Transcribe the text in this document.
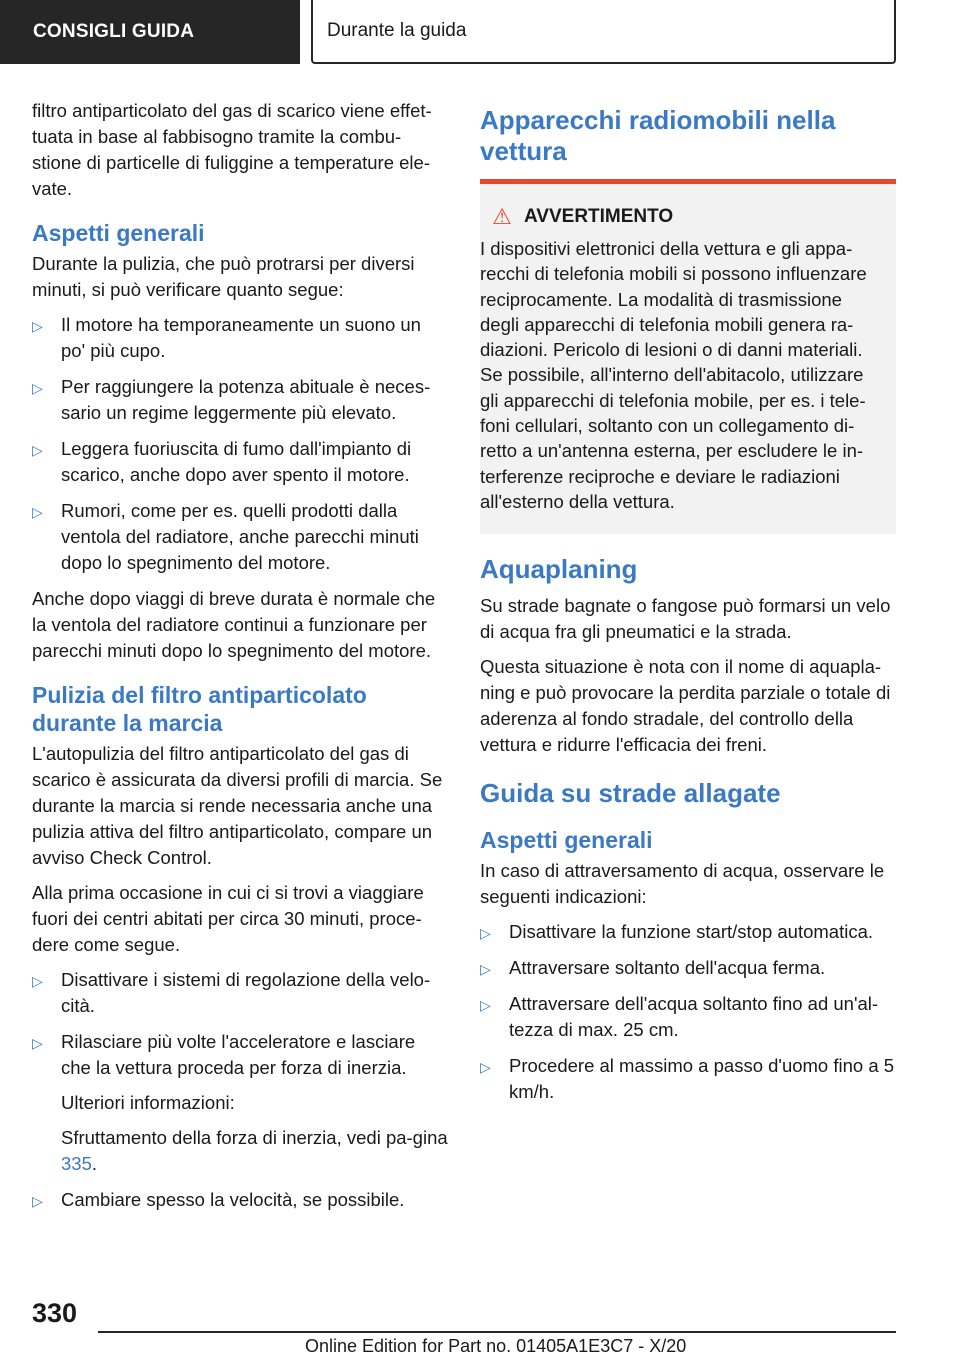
CONSIGLI GUIDA	Durante la guida

filtro antiparticolato del gas di scarico viene effet-tuata in base al fabbisogno tramite la combu-stione di particelle di fuliggine a temperature ele-vate.

Aspetti generali

Durante la pulizia, che può protrarsi per diversi minuti, si può verificare quanto segue:

▷ Il motore ha temporaneamente un suono un po' più cupo.
▷ Per raggiungere la potenza abituale è neces-sario un regime leggermente più elevato.
▷ Leggera fuoriuscita di fumo dall'impianto di scarico, anche dopo aver spento il motore.
▷ Rumori, come per es. quelli prodotti dalla ventola del radiatore, anche parecchi minuti dopo lo spegnimento del motore.

Anche dopo viaggi di breve durata è normale che la ventola del radiatore continui a funzionare per parecchi minuti dopo lo spegnimento del motore.

Pulizia del filtro antiparticolato durante la marcia

L'autopulizia del filtro antiparticolato del gas di scarico è assicurata da diversi profili di marcia. Se durante la marcia si rende necessaria anche una pulizia attiva del filtro antiparticolato, compare un avviso Check Control.

Alla prima occasione in cui ci si trovi a viaggiare fuori dei centri abitati per circa 30 minuti, proce-dere come segue.

▷ Disattivare i sistemi di regolazione della velo-cità.
▷ Rilasciare più volte l'acceleratore e lasciare che la vettura proceda per forza di inerzia.

Ulteriori informazioni:

Sfruttamento della forza di inerzia, vedi pa-gina 335.

▷ Cambiare spesso la velocità, se possibile.
Apparecchi radiomobili nella vettura
⚠ AVVERTIMENTO

I dispositivi elettronici della vettura e gli appa-recchi di telefonia mobili si possono influenzare reciprocamente. La modalità di trasmissione degli apparecchi di telefonia mobili genera ra-diazioni. Pericolo di lesioni o di danni materiali. Se possibile, all'interno dell'abitacolo, utilizzare gli apparecchi di telefonia mobile, per es. i tele-foni cellulari, soltanto con un collegamento di-retto a un'antenna esterna, per escludere le in-terferenze reciproche e deviare le radiazioni all'esterno della vettura.

Aquaplaning

Su strade bagnate o fangose può formarsi un velo di acqua fra gli pneumatici e la strada.

Questa situazione è nota con il nome di aquapla-ning e può provocare la perdita parziale o totale di aderenza al fondo stradale, del controllo della vettura e ridurre l'efficacia dei freni.

Guida su strade allagate
Aspetti generali

In caso di attraversamento di acqua, osservare le seguenti indicazioni:

▷ Disattivare la funzione start/stop automatica.
▷ Attraversare soltanto dell'acqua ferma.
▷ Attraversare dell'acqua soltanto fino ad un'al-tezza di max. 25 cm.
▷ Procedere al massimo a passo d'uomo fino a 5 km/h.
330
Online Edition for Part no. 01405A1E3C7 - X/20
